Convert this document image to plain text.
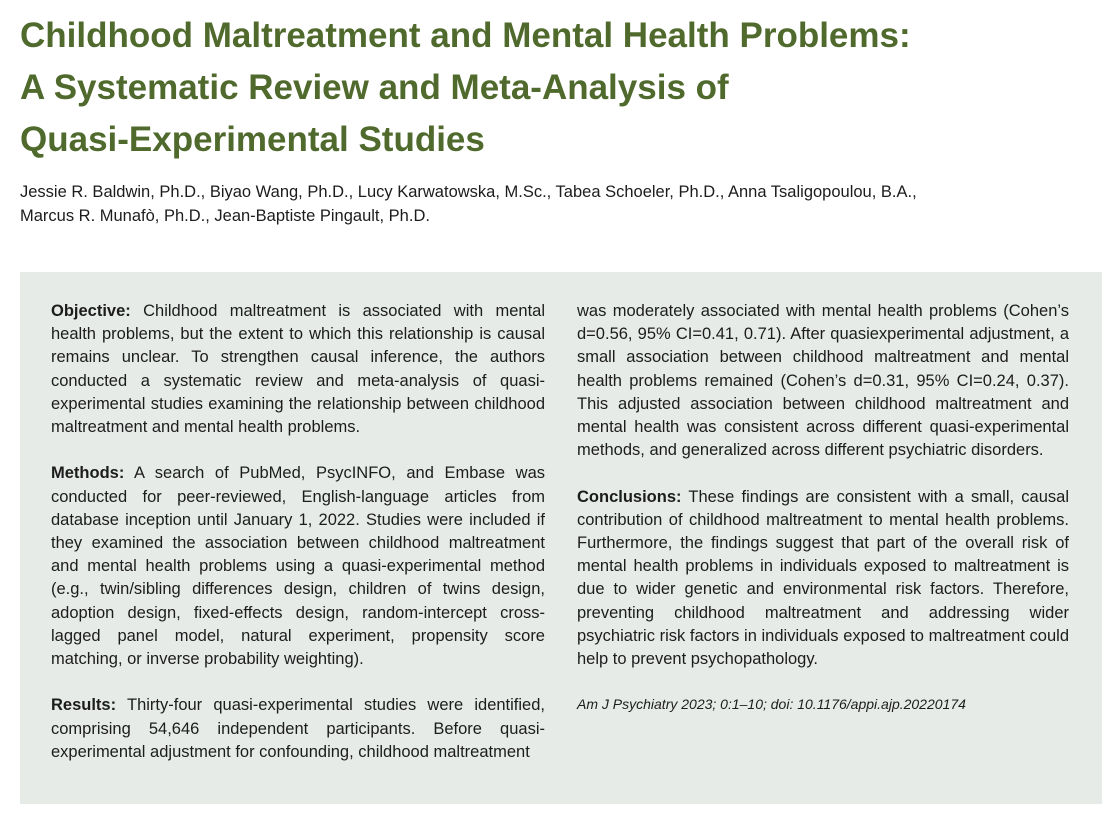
Childhood Maltreatment and Mental Health Problems:
A Systematic Review and Meta-Analysis of
Quasi-Experimental Studies
Jessie R. Baldwin, Ph.D., Biyao Wang, Ph.D., Lucy Karwatowska, M.Sc., Tabea Schoeler, Ph.D., Anna Tsaligopoulou, B.A.,
Marcus R. Munafò, Ph.D., Jean-Baptiste Pingault, Ph.D.

Objective: Childhood maltreatment is associated with mental health problems, but the extent to which this relationship is causal remains unclear. To strengthen causal inference, the authors conducted a systematic review and meta-analysis of quasi-experimental studies examining the relationship between childhood maltreatment and mental health problems.

Methods: A search of PubMed, PsycINFO, and Embase was conducted for peer-reviewed, English-language articles from database inception until January 1, 2022. Studies were included if they examined the association between childhood maltreatment and mental health problems using a quasi-experimental method (e.g., twin/sibling differences design, children of twins design, adoption design, fixed-effects design, random-intercept cross-lagged panel model, natural experiment, propensity score matching, or inverse probability weighting).

Results: Thirty-four quasi-experimental studies were identified, comprising 54,646 independent participants. Before quasi-experimental adjustment for confounding, childhood maltreatment

was moderately associated with mental health problems (Cohen’s d=0.56, 95% CI=0.41, 0.71). After quasiexperimental adjustment, a small association between childhood maltreatment and mental health problems remained (Cohen’s d=0.31, 95% CI=0.24, 0.37). This adjusted association between childhood maltreatment and mental health was consistent across different quasi-experimental methods, and generalized across different psychiatric disorders.

Conclusions: These findings are consistent with a small, causal contribution of childhood maltreatment to mental health problems. Furthermore, the findings suggest that part of the overall risk of mental health problems in individuals exposed to maltreatment is due to wider genetic and environmental risk factors. Therefore, preventing childhood maltreatment and addressing wider psychiatric risk factors in individuals exposed to maltreatment could help to prevent psychopathology.

Am J Psychiatry 2023; 0:1–10; doi: 10.1176/appi.ajp.20220174
